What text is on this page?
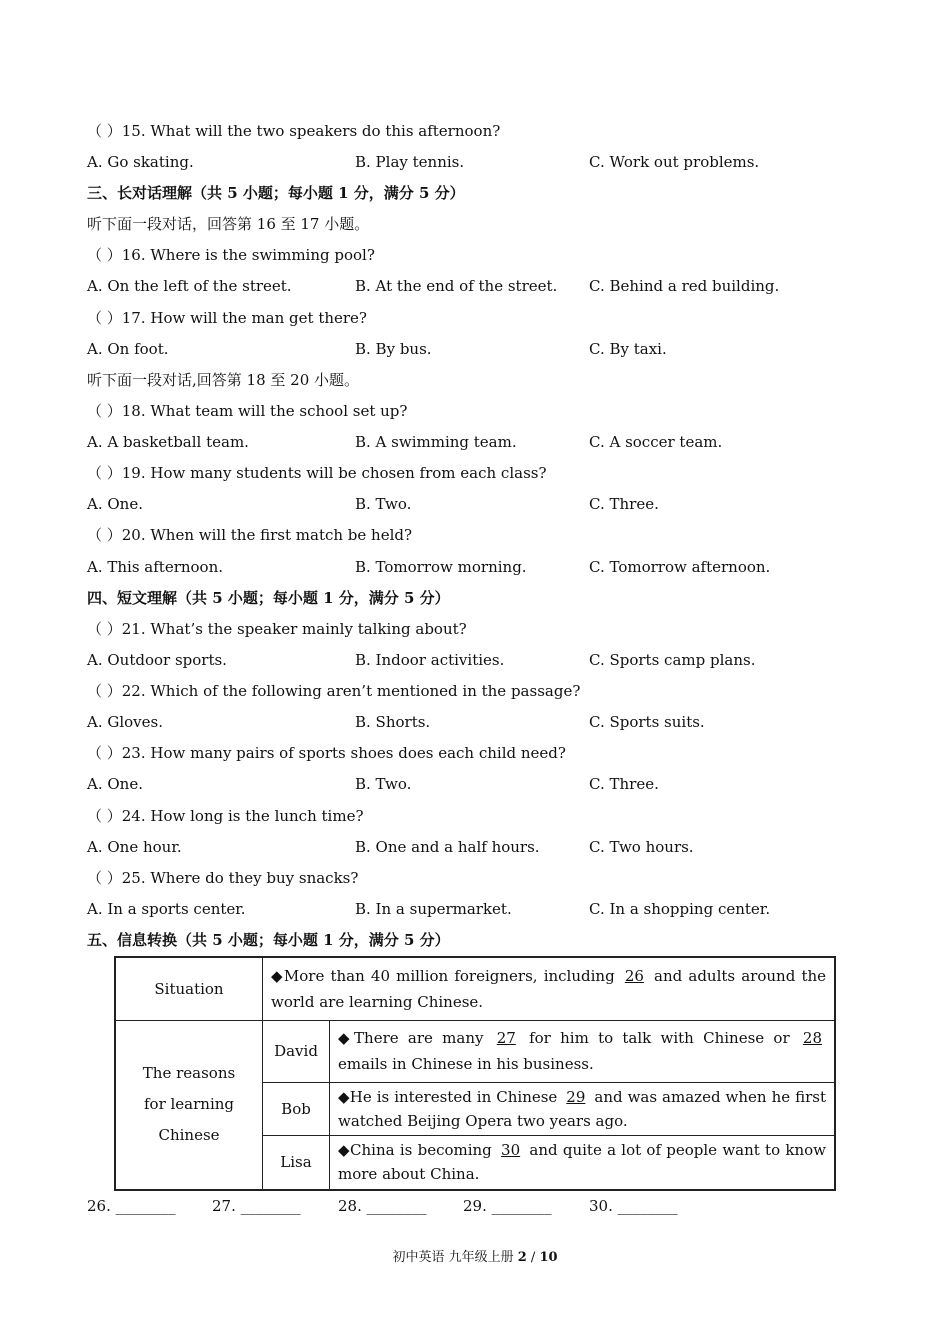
（ ）15. What will the two speakers do this afternoon?
A. Go skating.	B. Play tennis.	C. Work out problems.
三、长对话理解（共 5 小题；每小题 1 分，满分 5 分）
听下面一段对话，回答第 16 至 17 小题。
（ ）16. Where is the swimming pool?
A. On the left of the street.	B. At the end of the street. C. Behind a red building.
（ ）17. How will the man get there?
A. On foot.	B. By bus.	C. By taxi.
听下面一段对话,回答第 18 至 20 小题。
（ ）18. What team will the school set up?
A. A basketball team.	B. A swimming team.	C. A soccer team.
（ ）19. How many students will be chosen from each class?
A. One.	B. Two.	C. Three.
（ ）20. When will the first match be held?
A. This afternoon.	B. Tomorrow morning.	C. Tomorrow afternoon.
四、短文理解（共 5 小题；每小题 1 分，满分 5 分）
（ ）21. What’s the speaker mainly talking about?
A. Outdoor sports.	B. Indoor activities.	C. Sports camp plans.
（ ）22. Which of the following aren’t mentioned in the passage?
A. Gloves.	B. Shorts.	C. Sports suits.
（ ）23. How many pairs of sports shoes does each child need?
A. One.	B. Two.	C. Three.
（ ）24. How long is the lunch time?
A. One hour.	B. One and a half hours.	C. Two hours.
（ ）25. Where do they buy snacks?
A. In a sports center.	B. In a supermarket.	C. In a shopping center.
五、信息转换（共 5 小题；每小题 1 分，满分 5 分）
Situation	◆More than 40 million foreigners, including 26 and adults around the world are learning Chinese.	
The reasons for learning Chinese	David	◆There are many 27 for him to talk with Chinese or 28 emails in Chinese in his business.
	Bob	◆He is interested in Chinese 29 and was amazed when he first watched Beijing Opera two years ago.
	Lisa	◆China is becoming 30 and quite a lot of people want to know more about China.
26. ________ 27. ________ 28. ________ 29. ________ 30. ________
初中英语 九年级上册 2 / 10
